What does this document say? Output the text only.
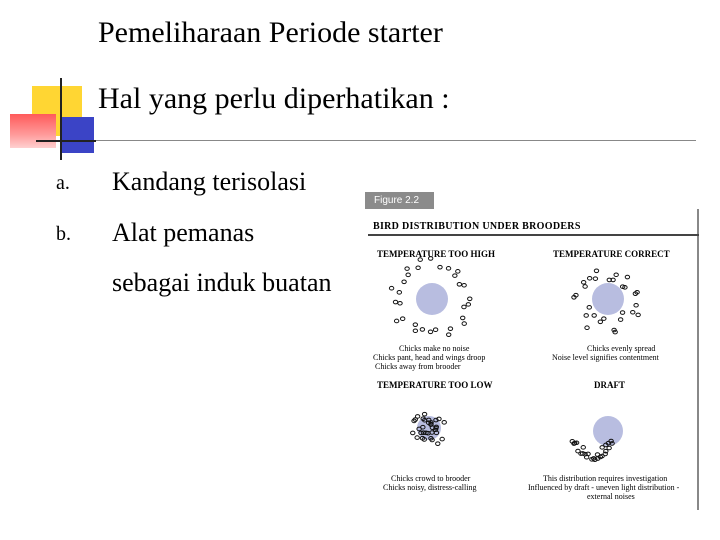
Pemeliharaan Periode starter
Hal yang perlu diperhatikan :
a. Kandang terisolasi
b. Alat pemanas
sebagai induk buatan
Figure 2.2
BIRD DISTRIBUTION UNDER BROODERS
TEMPERATURE TOO HIGH	TEMPERATURE CORRECT
TEMPERATURE TOO LOW	DRAFT
Chicks make no noise
Chicks pant, head and wings droop
Chicks away from brooder
Chicks evenly spread
Noise level signifies contentment
Chicks crowd to brooder
Chicks noisy, distress-calling
This distribution requires investigation
Influenced by draft - uneven light distribution -
external noises
